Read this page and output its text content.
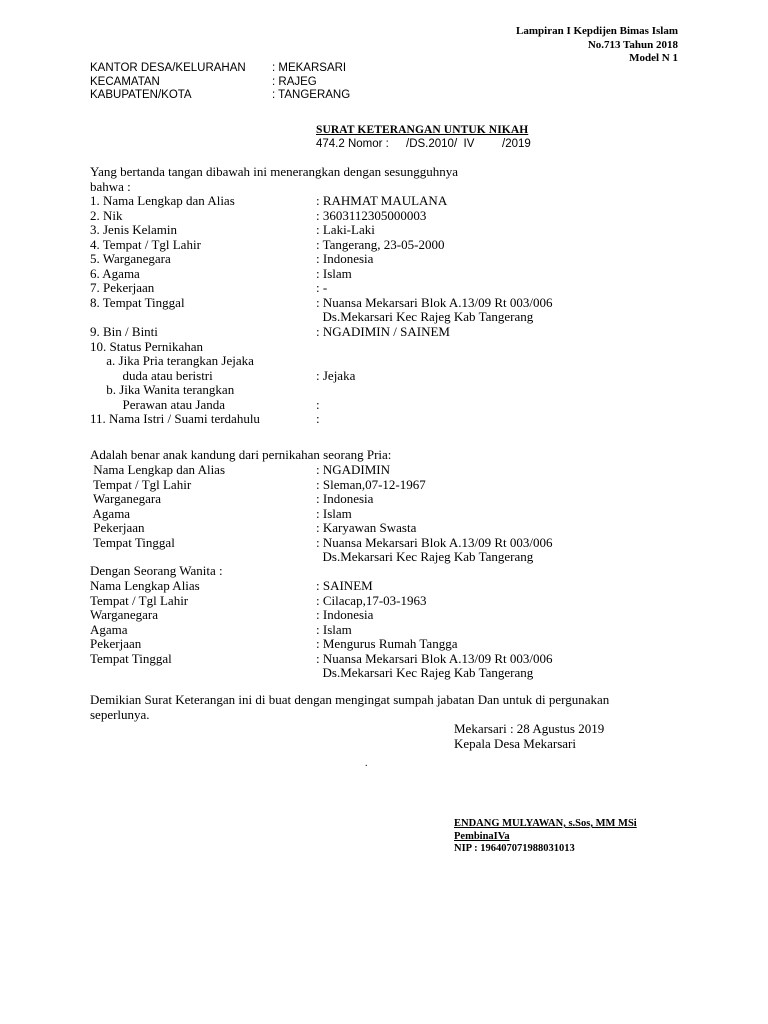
Lampiran I Kepdijen Bimas Islam
No.713 Tahun 2018
Model N 1
KANTOR DESA/KELURAHAN	: MEKARSARI
KECAMATAN	: RAJEG
KABUPATEN/KOTA	: TANGERANG
SURAT KETERANGAN UNTUK NIKAH
474.2 Nomor : /DS.2010/  IV /2019
Yang bertanda tangan dibawah ini menerangkan dengan sesungguhnya
bahwa :
1. Nama Lengkap dan Alias	: RAHMAT MAULANA
2. Nik	: 3603112305000003
3. Jenis Kelamin	: Laki-Laki
4. Tempat / Tgl Lahir	: Tangerang, 23-05-2000
5. Warganegara	: Indonesia
6. Agama	: Islam
7. Pekerjaan	: -
8. Tempat Tinggal	: Nuansa Mekarsari Blok A.13/09 Rt 003/006
Ds.Mekarsari Kec Rajeg Kab Tangerang
9. Bin / Binti	: NGADIMIN / SAINEM
10. Status Pernikahan
a. Jika Pria terangkan Jejaka
duda atau beristri	: Jejaka
b. Jika Wanita terangkan
Perawan atau Janda	:
11. Nama Istri / Suami terdahulu	:
Adalah benar anak kandung dari pernikahan seorang Pria:
Nama Lengkap dan Alias	: NGADIMIN
Tempat / Tgl Lahir	: Sleman,07-12-1967
Warganegara	: Indonesia
Agama	: Islam
Pekerjaan	: Karyawan Swasta
Tempat Tinggal	: Nuansa Mekarsari Blok A.13/09 Rt 003/006
Ds.Mekarsari Kec Rajeg Kab Tangerang
Dengan Seorang Wanita :
Nama Lengkap Alias	: SAINEM
Tempat / Tgl Lahir	: Cilacap,17-03-1963
Warganegara	: Indonesia
Agama	: Islam
Pekerjaan	: Mengurus Rumah Tangga
Tempat Tinggal	: Nuansa Mekarsari Blok A.13/09 Rt 003/006
Ds.Mekarsari Kec Rajeg Kab Tangerang
Demikian Surat Keterangan ini di buat dengan mengingat sumpah jabatan Dan untuk di pergunakan
seperlunya.
Mekarsari : 28 Agustus 2019
Kepala Desa Mekarsari
.
ENDANG MULYAWAN, s.Sos, MM MSi
PembinaIVa
NIP : 196407071988031013
